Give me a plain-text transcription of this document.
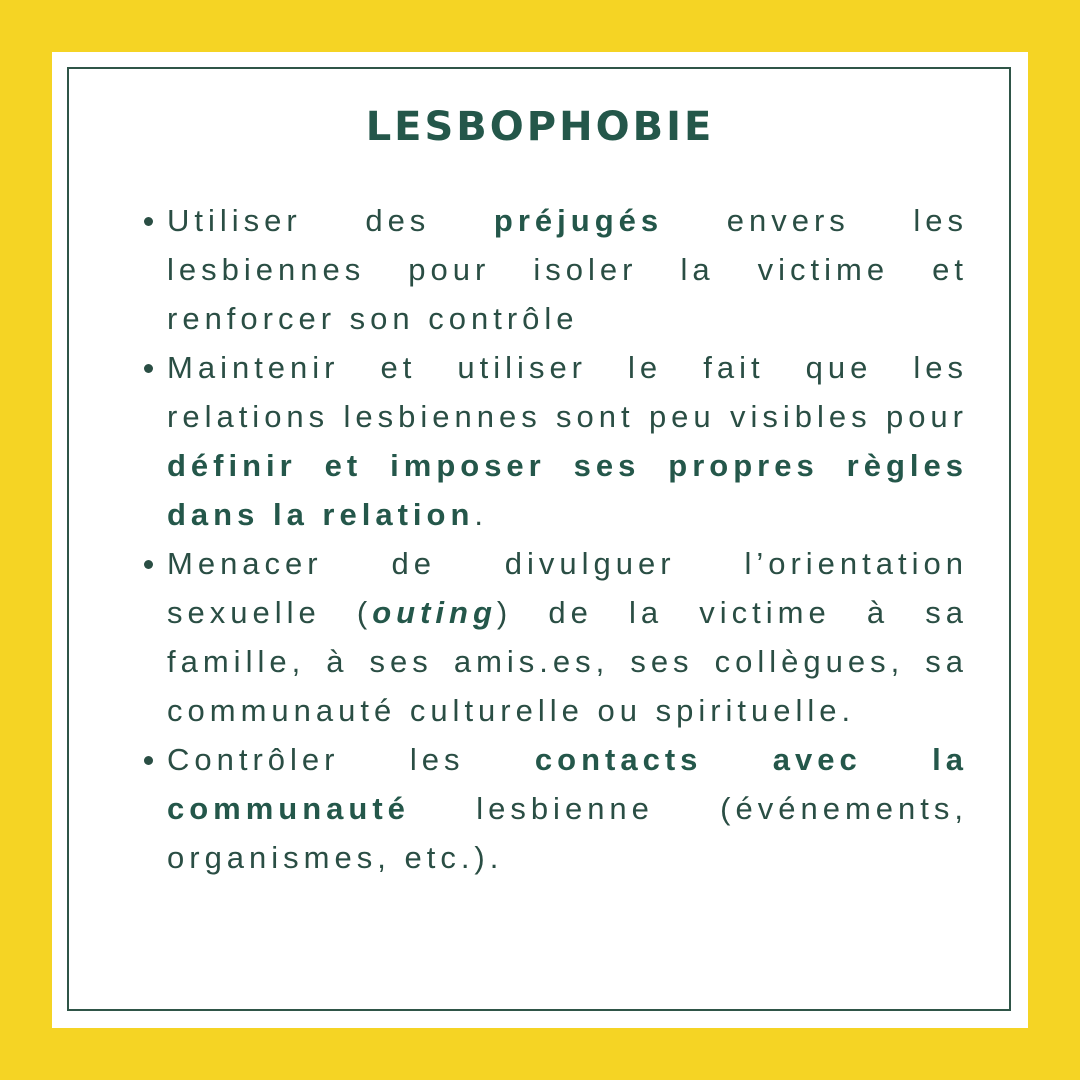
LESBOPHOBIE
Utiliser des préjugés envers les lesbiennes pour isoler la victime et renforcer son contrôle
Maintenir et utiliser le fait que les relations lesbiennes sont peu visibles pour définir et imposer ses propres règles dans la relation.
Menacer de divulguer l’orientation sexuelle (outing) de la victime à sa famille, à ses amis.es, ses collègues, sa communauté culturelle ou spirituelle.
Contrôler les contacts avec la communauté lesbienne (événements, organismes, etc.).
